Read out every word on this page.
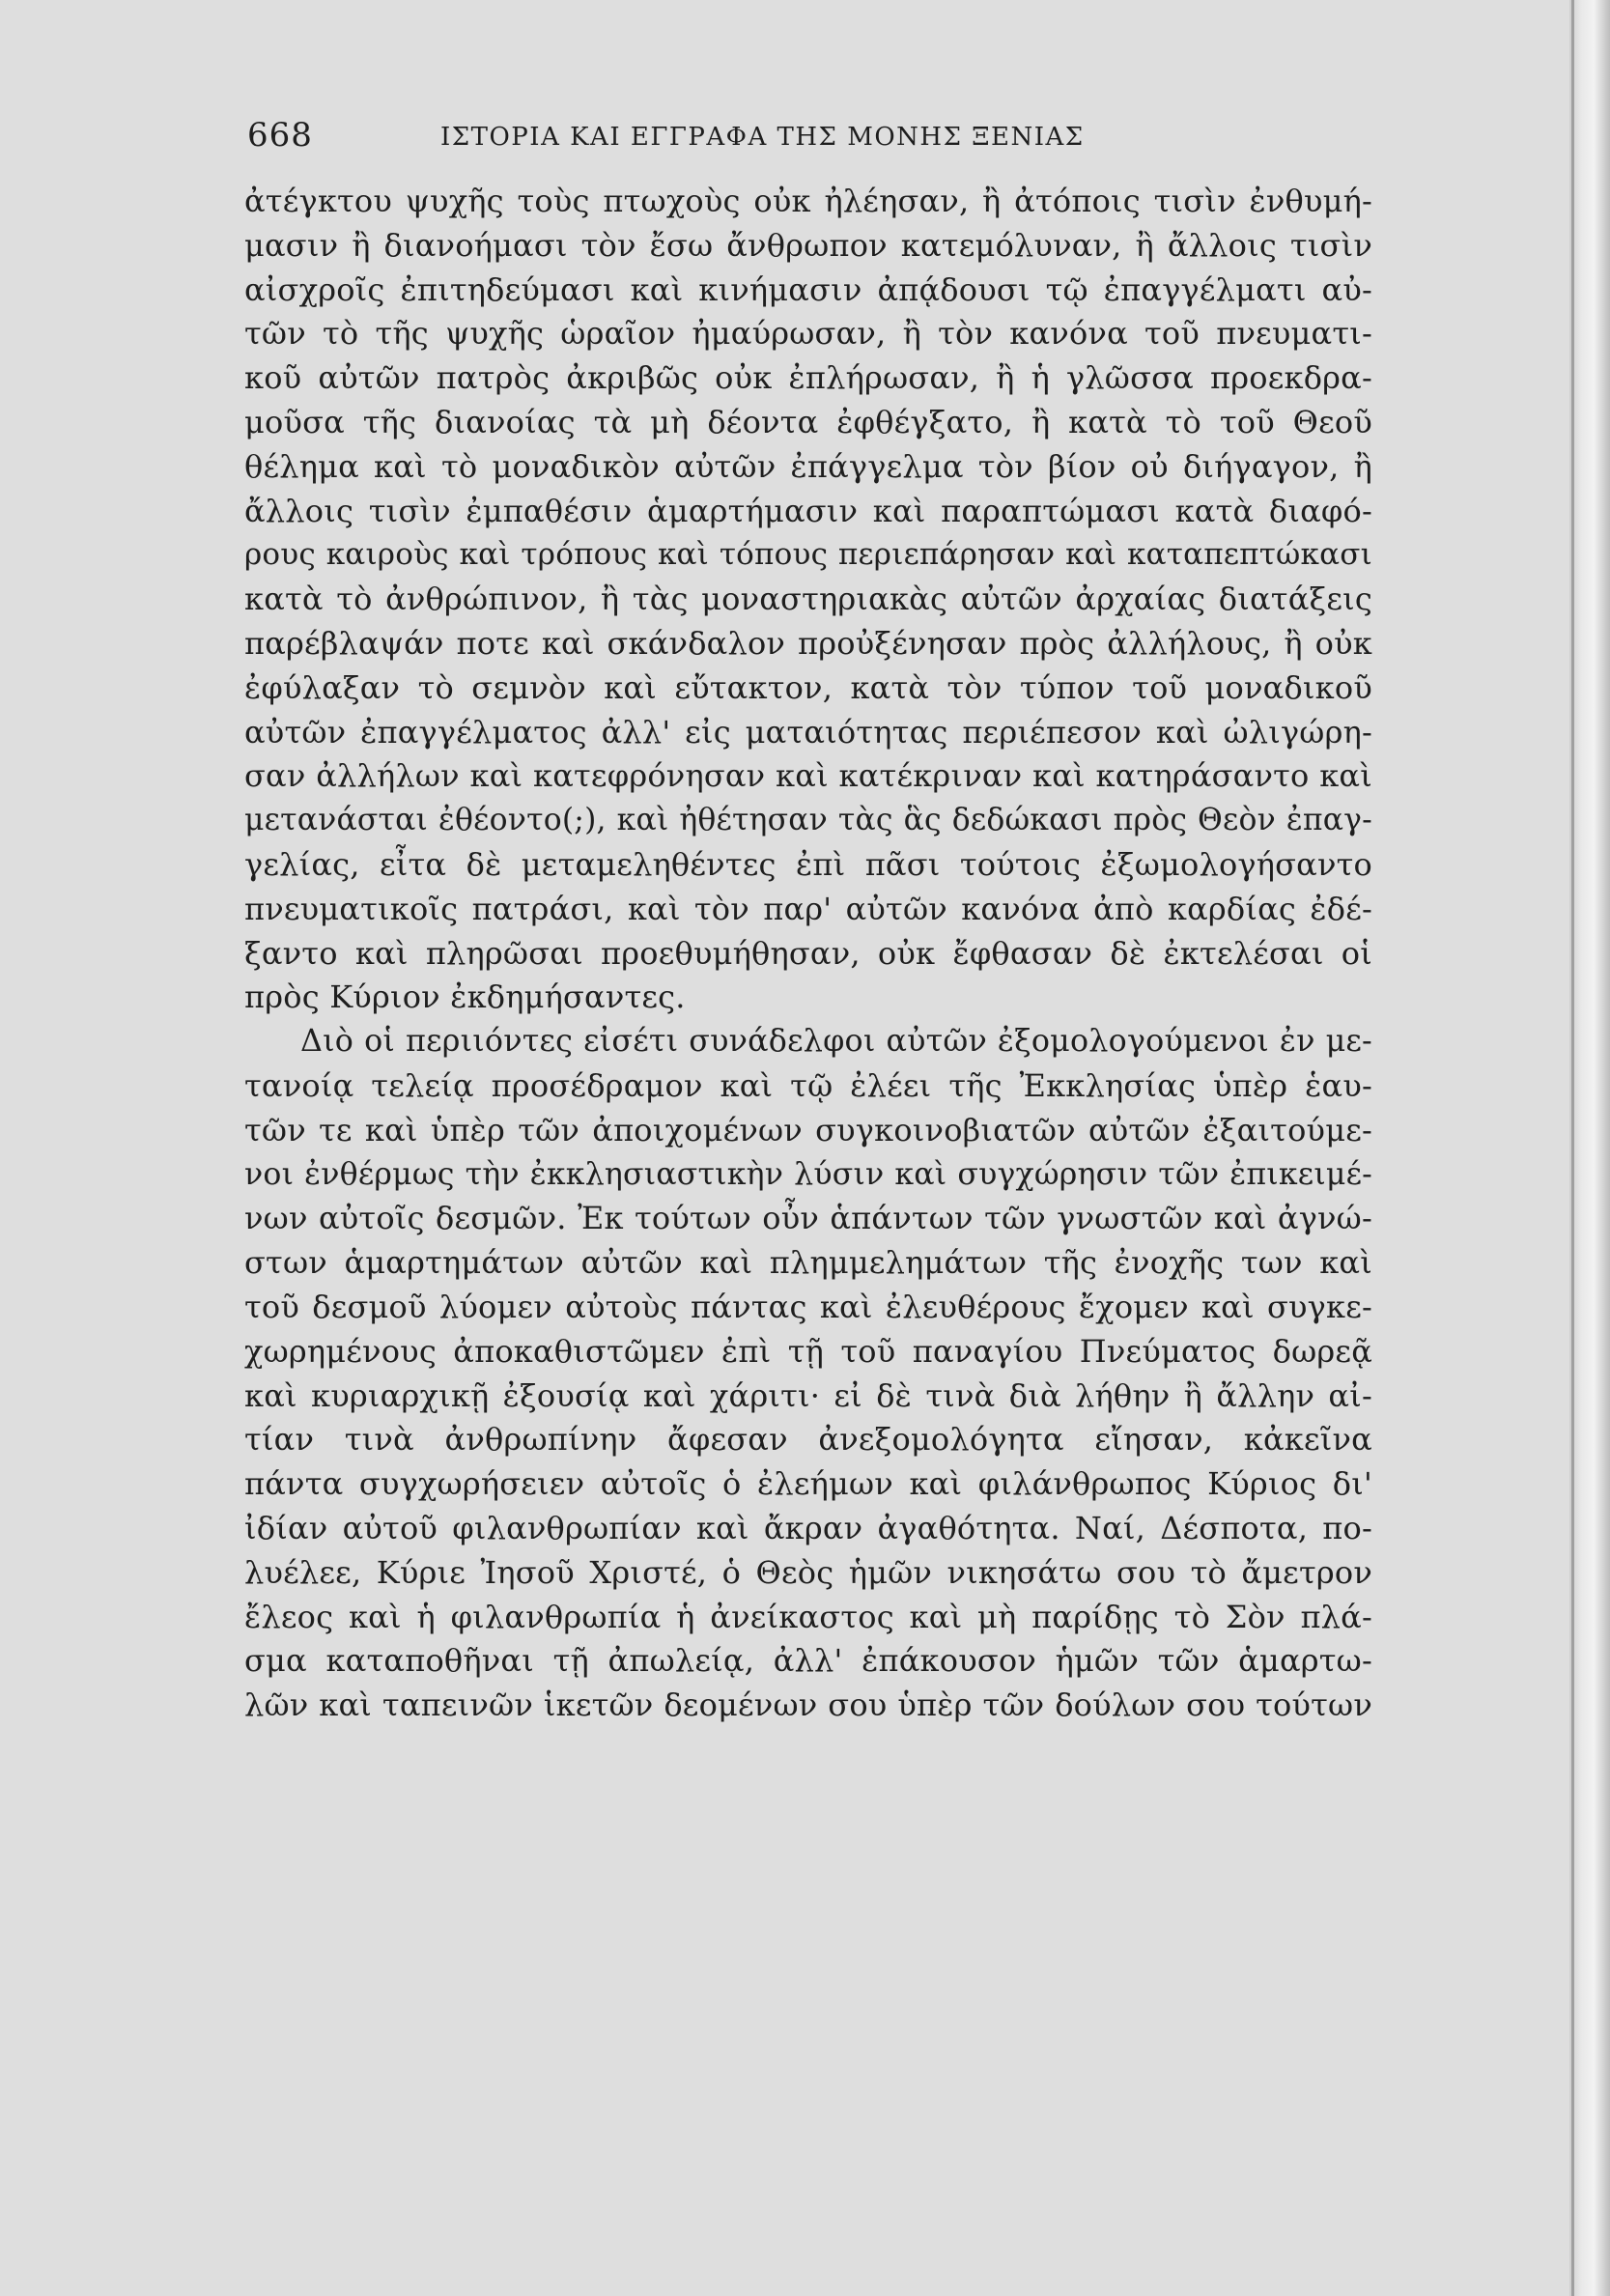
668	ΙΣΤΟΡΙΑ ΚΑΙ ΕΓΓΡΑΦΑ ΤΗΣ ΜΟΝΗΣ ΞΕΝΙΑΣ
ἀτέγκτου ψυχῆς τοὺς πτωχοὺς οὐκ ἠλέησαν, ἢ ἀτόποις τισὶν ἐνθυμή-
μασιν ἢ διανοήμασι τὸν ἔσω ἄνθρωπον κατεμόλυναν, ἢ ἄλλοις τισὶν
αἰσχροῖς ἐπιτηδεύμασι καὶ κινήμασιν ἀπᾴδουσι τῷ ἐπαγγέλματι αὐ-
τῶν τὸ τῆς ψυχῆς ὡραῖον ἠμαύρωσαν, ἢ τὸν κανόνα τοῦ πνευματι-
κοῦ αὐτῶν πατρὸς ἀκριβῶς οὐκ ἐπλήρωσαν, ἢ ἡ γλῶσσα προεκδρα-
μοῦσα τῆς διανοίας τὰ μὴ δέοντα ἐφθέγξατο, ἢ κατὰ τὸ τοῦ Θεοῦ
θέλημα καὶ τὸ μοναδικὸν αὐτῶν ἐπάγγελμα τὸν βίον οὐ διήγαγον, ἢ
ἄλλοις τισὶν ἐμπαθέσιν ἁμαρτήμασιν καὶ παραπτώμασι κατὰ διαφό-
ρους καιροὺς καὶ τρόπους καὶ τόπους περιεπάρησαν καὶ καταπεπτώκασι
κατὰ τὸ ἀνθρώπινον, ἢ τὰς μοναστηριακὰς αὐτῶν ἀρχαίας διατάξεις
παρέβλαψάν ποτε καὶ σκάνδαλον προὐξένησαν πρὸς ἀλλήλους, ἢ οὐκ
ἐφύλαξαν τὸ σεμνὸν καὶ εὔτακτον, κατὰ τὸν τύπον τοῦ μοναδικοῦ
αὐτῶν ἐπαγγέλματος ἀλλ' εἰς ματαιότητας περιέπεσον καὶ ὠλιγώρη-
σαν ἀλλήλων καὶ κατεφρόνησαν καὶ κατέκριναν καὶ κατηράσαντο καὶ
μετανάσται ἐθέοντο(;), καὶ ἠθέτησαν τὰς ἃς δεδώκασι πρὸς Θεὸν ἐπαγ-
γελίας, εἶτα δὲ μεταμεληθέντες ἐπὶ πᾶσι τούτοις ἐξωμολογήσαντο
πνευματικοῖς πατράσι, καὶ τὸν παρ' αὐτῶν κανόνα ἀπὸ καρδίας ἐδέ-
ξαντο καὶ πληρῶσαι προεθυμήθησαν, οὐκ ἔφθασαν δὲ ἐκτελέσαι οἱ
πρὸς Κύριον ἐκδημήσαντες.
Διὸ οἱ περιιόντες εἰσέτι συνάδελφοι αὐτῶν ἐξομολογούμενοι ἐν με-
τανοίᾳ τελείᾳ προσέδραμον καὶ τῷ ἐλέει τῆς Ἐκκλησίας ὑπὲρ ἑαυ-
τῶν τε καὶ ὑπὲρ τῶν ἀποιχομένων συγκοινοβιατῶν αὐτῶν ἐξαιτούμε-
νοι ἐνθέρμως τὴν ἐκκλησιαστικὴν λύσιν καὶ συγχώρησιν τῶν ἐπικειμέ-
νων αὐτοῖς δεσμῶν. Ἐκ τούτων οὖν ἁπάντων τῶν γνωστῶν καὶ ἀγνώ-
στων ἁμαρτημάτων αὐτῶν καὶ πλημμελημάτων τῆς ἐνοχῆς των καὶ
τοῦ δεσμοῦ λύομεν αὐτοὺς πάντας καὶ ἐλευθέρους ἔχομεν καὶ συγκε-
χωρημένους ἀποκαθιστῶμεν ἐπὶ τῇ τοῦ παναγίου Πνεύματος δωρεᾷ
καὶ κυριαρχικῇ ἐξουσίᾳ καὶ χάριτι· εἰ δὲ τινὰ διὰ λήθην ἢ ἄλλην αἰ-
τίαν τινὰ ἀνθρωπίνην ἄφεσαν ἀνεξομολόγητα εἴησαν, κἀκεῖνα
πάντα συγχωρήσειεν αὐτοῖς ὁ ἐλεήμων καὶ φιλάνθρωπος Κύριος δι'
ἰδίαν αὐτοῦ φιλανθρωπίαν καὶ ἄκραν ἀγαθότητα. Ναί, Δέσποτα, πο-
λυέλεε, Κύριε Ἰησοῦ Χριστέ, ὁ Θεὸς ἡμῶν νικησάτω σου τὸ ἄμετρον
ἔλεος καὶ ἡ φιλανθρωπία ἡ ἀνείκαστος καὶ μὴ παρίδῃς τὸ Σὸν πλά-
σμα καταποθῆναι τῇ ἀπωλείᾳ, ἀλλ' ἐπάκουσον ἡμῶν τῶν ἁμαρτω-
λῶν καὶ ταπεινῶν ἱκετῶν δεομένων σου ὑπὲρ τῶν δούλων σου τούτων
